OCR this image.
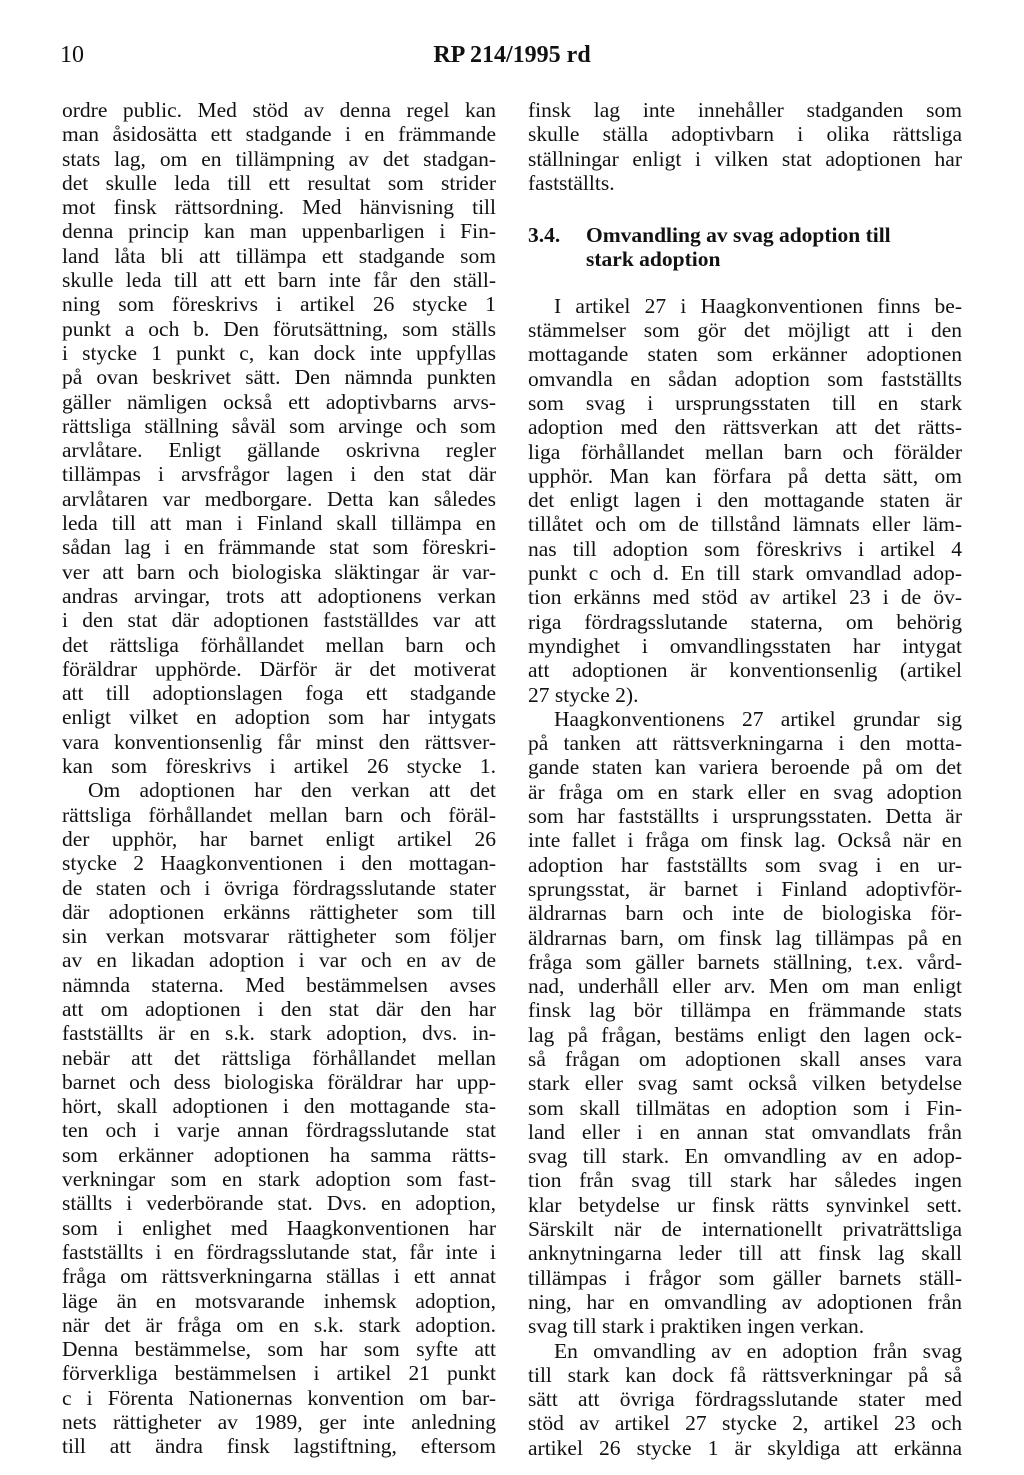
10	RP 214/1995 rd

ordre public. Med stöd av denna regel kan
man åsidosätta ett stadgande i en främmande
stats lag, om en tillämpning av det stadgan-
det skulle leda till ett resultat som strider
mot finsk rättsordning. Med hänvisning till
denna princip kan man uppenbarligen i Fin-
land låta bli att tillämpa ett stadgande som
skulle leda till att ett barn inte får den ställ-
ning som föreskrivs i artikel 26 stycke 1
punkt a och b. Den förutsättning, som ställs
i stycke 1 punkt c, kan dock inte uppfyllas
på ovan beskrivet sätt. Den nämnda punkten
gäller nämligen också ett adoptivbarns arvs-
rättsliga ställning såväl som arvinge och som
arvlåtare. Enligt gällande oskrivna regler
tillämpas i arvsfrågor lagen i den stat där
arvlåtaren var medborgare. Detta kan således
leda till att man i Finland skall tillämpa en
sådan lag i en främmande stat som föreskri-
ver att barn och biologiska släktingar är var-
andras arvingar, trots att adoptionens verkan
i den stat där adoptionen fastställdes var att
det rättsliga förhållandet mellan barn och
föräldrar upphörde. Därför är det motiverat
att till adoptionslagen foga ett stadgande
enligt vilket en adoption som har intygats
vara konventionsenlig får minst den rättsver-
kan som föreskrivs i artikel 26 stycke 1.

Om adoptionen har den verkan att det
rättsliga förhållandet mellan barn och föräl-
der upphör, har barnet enligt artikel 26
stycke 2 Haagkonventionen i den mottagan-
de staten och i övriga fördragsslutande stater
där adoptionen erkänns rättigheter som till
sin verkan motsvarar rättigheter som följer
av en likadan adoption i var och en av de
nämnda staterna. Med bestämmelsen avses
att om adoptionen i den stat där den har
fastställts är en s.k. stark adoption, dvs. in-
nebär att det rättsliga förhållandet mellan
barnet och dess biologiska föräldrar har upp-
hört, skall adoptionen i den mottagande sta-
ten och i varje annan fördragsslutande stat
som erkänner adoptionen ha samma rätts-
verkningar som en stark adoption som fast-
ställts i vederbörande stat. Dvs. en adoption,
som i enlighet med Haagkonventionen har
fastställts i en fördragsslutande stat, får inte i
fråga om rättsverkningarna ställas i ett annat
läge än en motsvarande inhemsk adoption,
när det är fråga om en s.k. stark adoption.
Denna bestämmelse, som har som syfte att
förverkliga bestämmelsen i artikel 21 punkt
c i Förenta Nationernas konvention om bar-
nets rättigheter av 1989, ger inte anledning
till att ändra finsk lagstiftning, eftersom

finsk lag inte innehåller stadganden som
skulle ställa adoptivbarn i olika rättsliga
ställningar enligt i vilken stat adoptionen har
fastställts.

3.4.	Omvandling av svag adoption till
stark adoption

I artikel 27 i Haagkonventionen finns be-
stämmelser som gör det möjligt att i den
mottagande staten som erkänner adoptionen
omvandla en sådan adoption som fastställts
som svag i ursprungsstaten till en stark
adoption med den rättsverkan att det rätts-
liga förhållandet mellan barn och förälder
upphör. Man kan förfara på detta sätt, om
det enligt lagen i den mottagande staten är
tillåtet och om de tillstånd lämnats eller läm-
nas till adoption som föreskrivs i artikel 4
punkt c och d. En till stark omvandlad adop-
tion erkänns med stöd av artikel 23 i de öv-
riga fördragsslutande staterna, om behörig
myndighet i omvandlingsstaten har intygat
att adoptionen är konventionsenlig (artikel
27 stycke 2).

Haagkonventionens 27 artikel grundar sig
på tanken att rättsverkningarna i den motta-
gande staten kan variera beroende på om det
är fråga om en stark eller en svag adoption
som har fastställts i ursprungsstaten. Detta är
inte fallet i fråga om finsk lag. Också när en
adoption har fastställts som svag i en ur-
sprungsstat, är barnet i Finland adoptivför-
äldrarnas barn och inte de biologiska för-
äldrarnas barn, om finsk lag tillämpas på en
fråga som gäller barnets ställning, t.ex. vård-
nad, underhåll eller arv. Men om man enligt
finsk lag bör tillämpa en främmande stats
lag på frågan, bestäms enligt den lagen ock-
så frågan om adoptionen skall anses vara
stark eller svag samt också vilken betydelse
som skall tillmätas en adoption som i Fin-
land eller i en annan stat omvandlats från
svag till stark. En omvandling av en adop-
tion från svag till stark har således ingen
klar betydelse ur finsk rätts synvinkel sett.
Särskilt när de internationellt privaträttsliga
anknytningarna leder till att finsk lag skall
tillämpas i frågor som gäller barnets ställ-
ning, har en omvandling av adoptionen från
svag till stark i praktiken ingen verkan.

En omvandling av en adoption från svag
till stark kan dock få rättsverkningar på så
sätt att övriga fördragsslutande stater med
stöd av artikel 27 stycke 2, artikel 23 och
artikel 26 stycke 1 är skyldiga att erkänna
